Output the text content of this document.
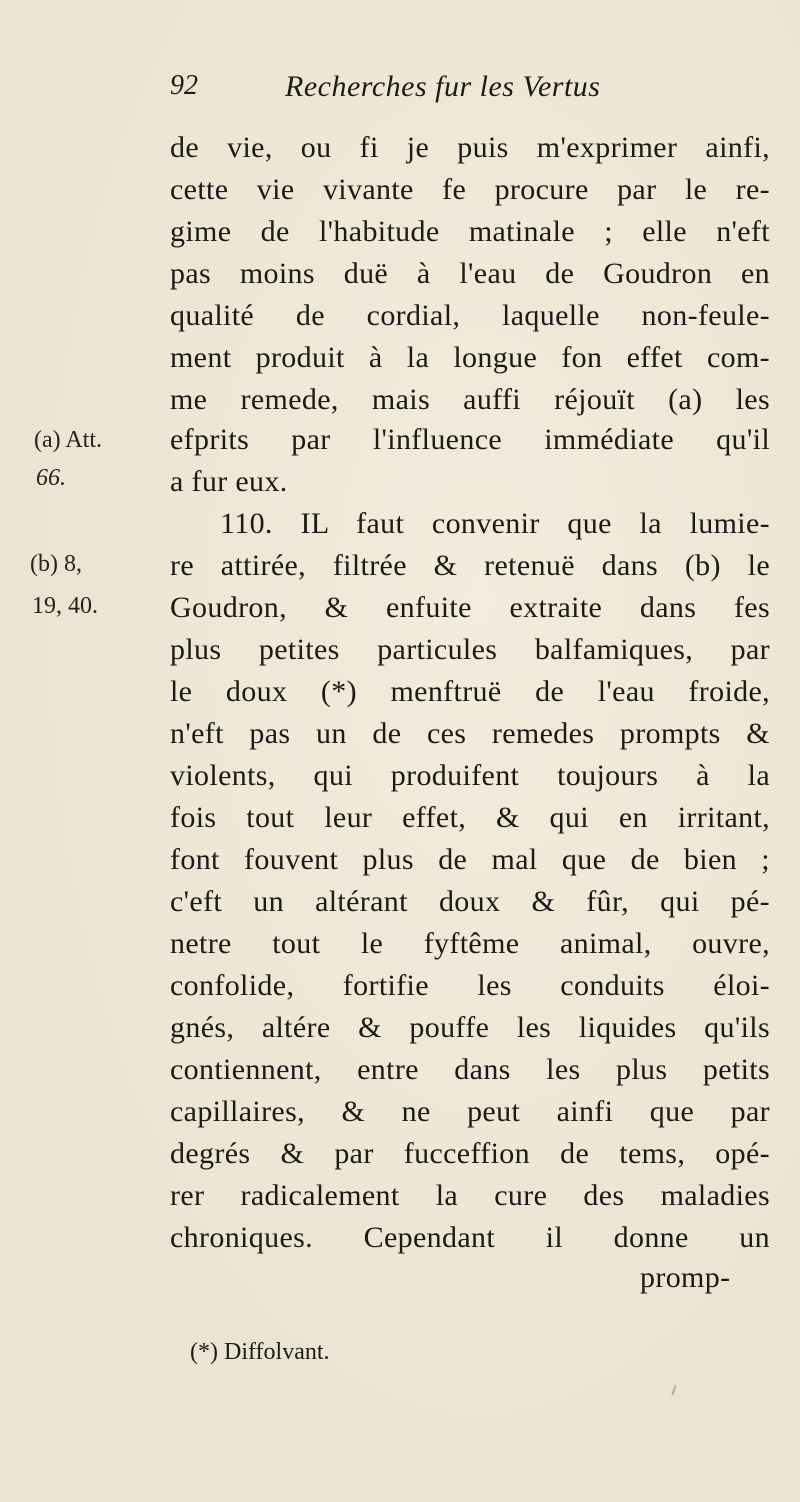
92	Recherches fur les Vertus
de vie, ou fi je puis m'exprimer ainfi,
cette vie vivante fe procure par le re-
gime de l'habitude matinale ; elle n'eft
pas moins duë à l'eau de Goudron en
qualité de cordial, laquelle non-feule-
ment produit à la longue fon effet com-
me remede, mais auffi réjouït (a) les
efprits par l'influence immédiate qu'il
a fur eux.
110. IL faut convenir que la lumie-
re attirée, filtrée & retenuë dans (b) le
Goudron, & enfuite extraite dans fes
plus petites particules balfamiques, par
le doux (*) menftruë de l'eau froide,
n'eft pas un de ces remedes prompts &
violents, qui produifent toujours à la
fois tout leur effet, & qui en irritant,
font fouvent plus de mal que de bien ;
c'eft un altérant doux & fûr, qui pé-
netre tout le fyftême animal, ouvre,
confolide, fortifie les conduits éloi-
gnés, altére & pouffe les liquides qu'ils
contiennent, entre dans les plus petits
capillaires, & ne peut ainfi que par
degrés & par fucceffion de tems, opé-
rer radicalement la cure des maladies
chroniques. Cependant il donne un
promp-
(a) Att.
66.
(b) 8,
19, 40.
(*) Diffolvant.
